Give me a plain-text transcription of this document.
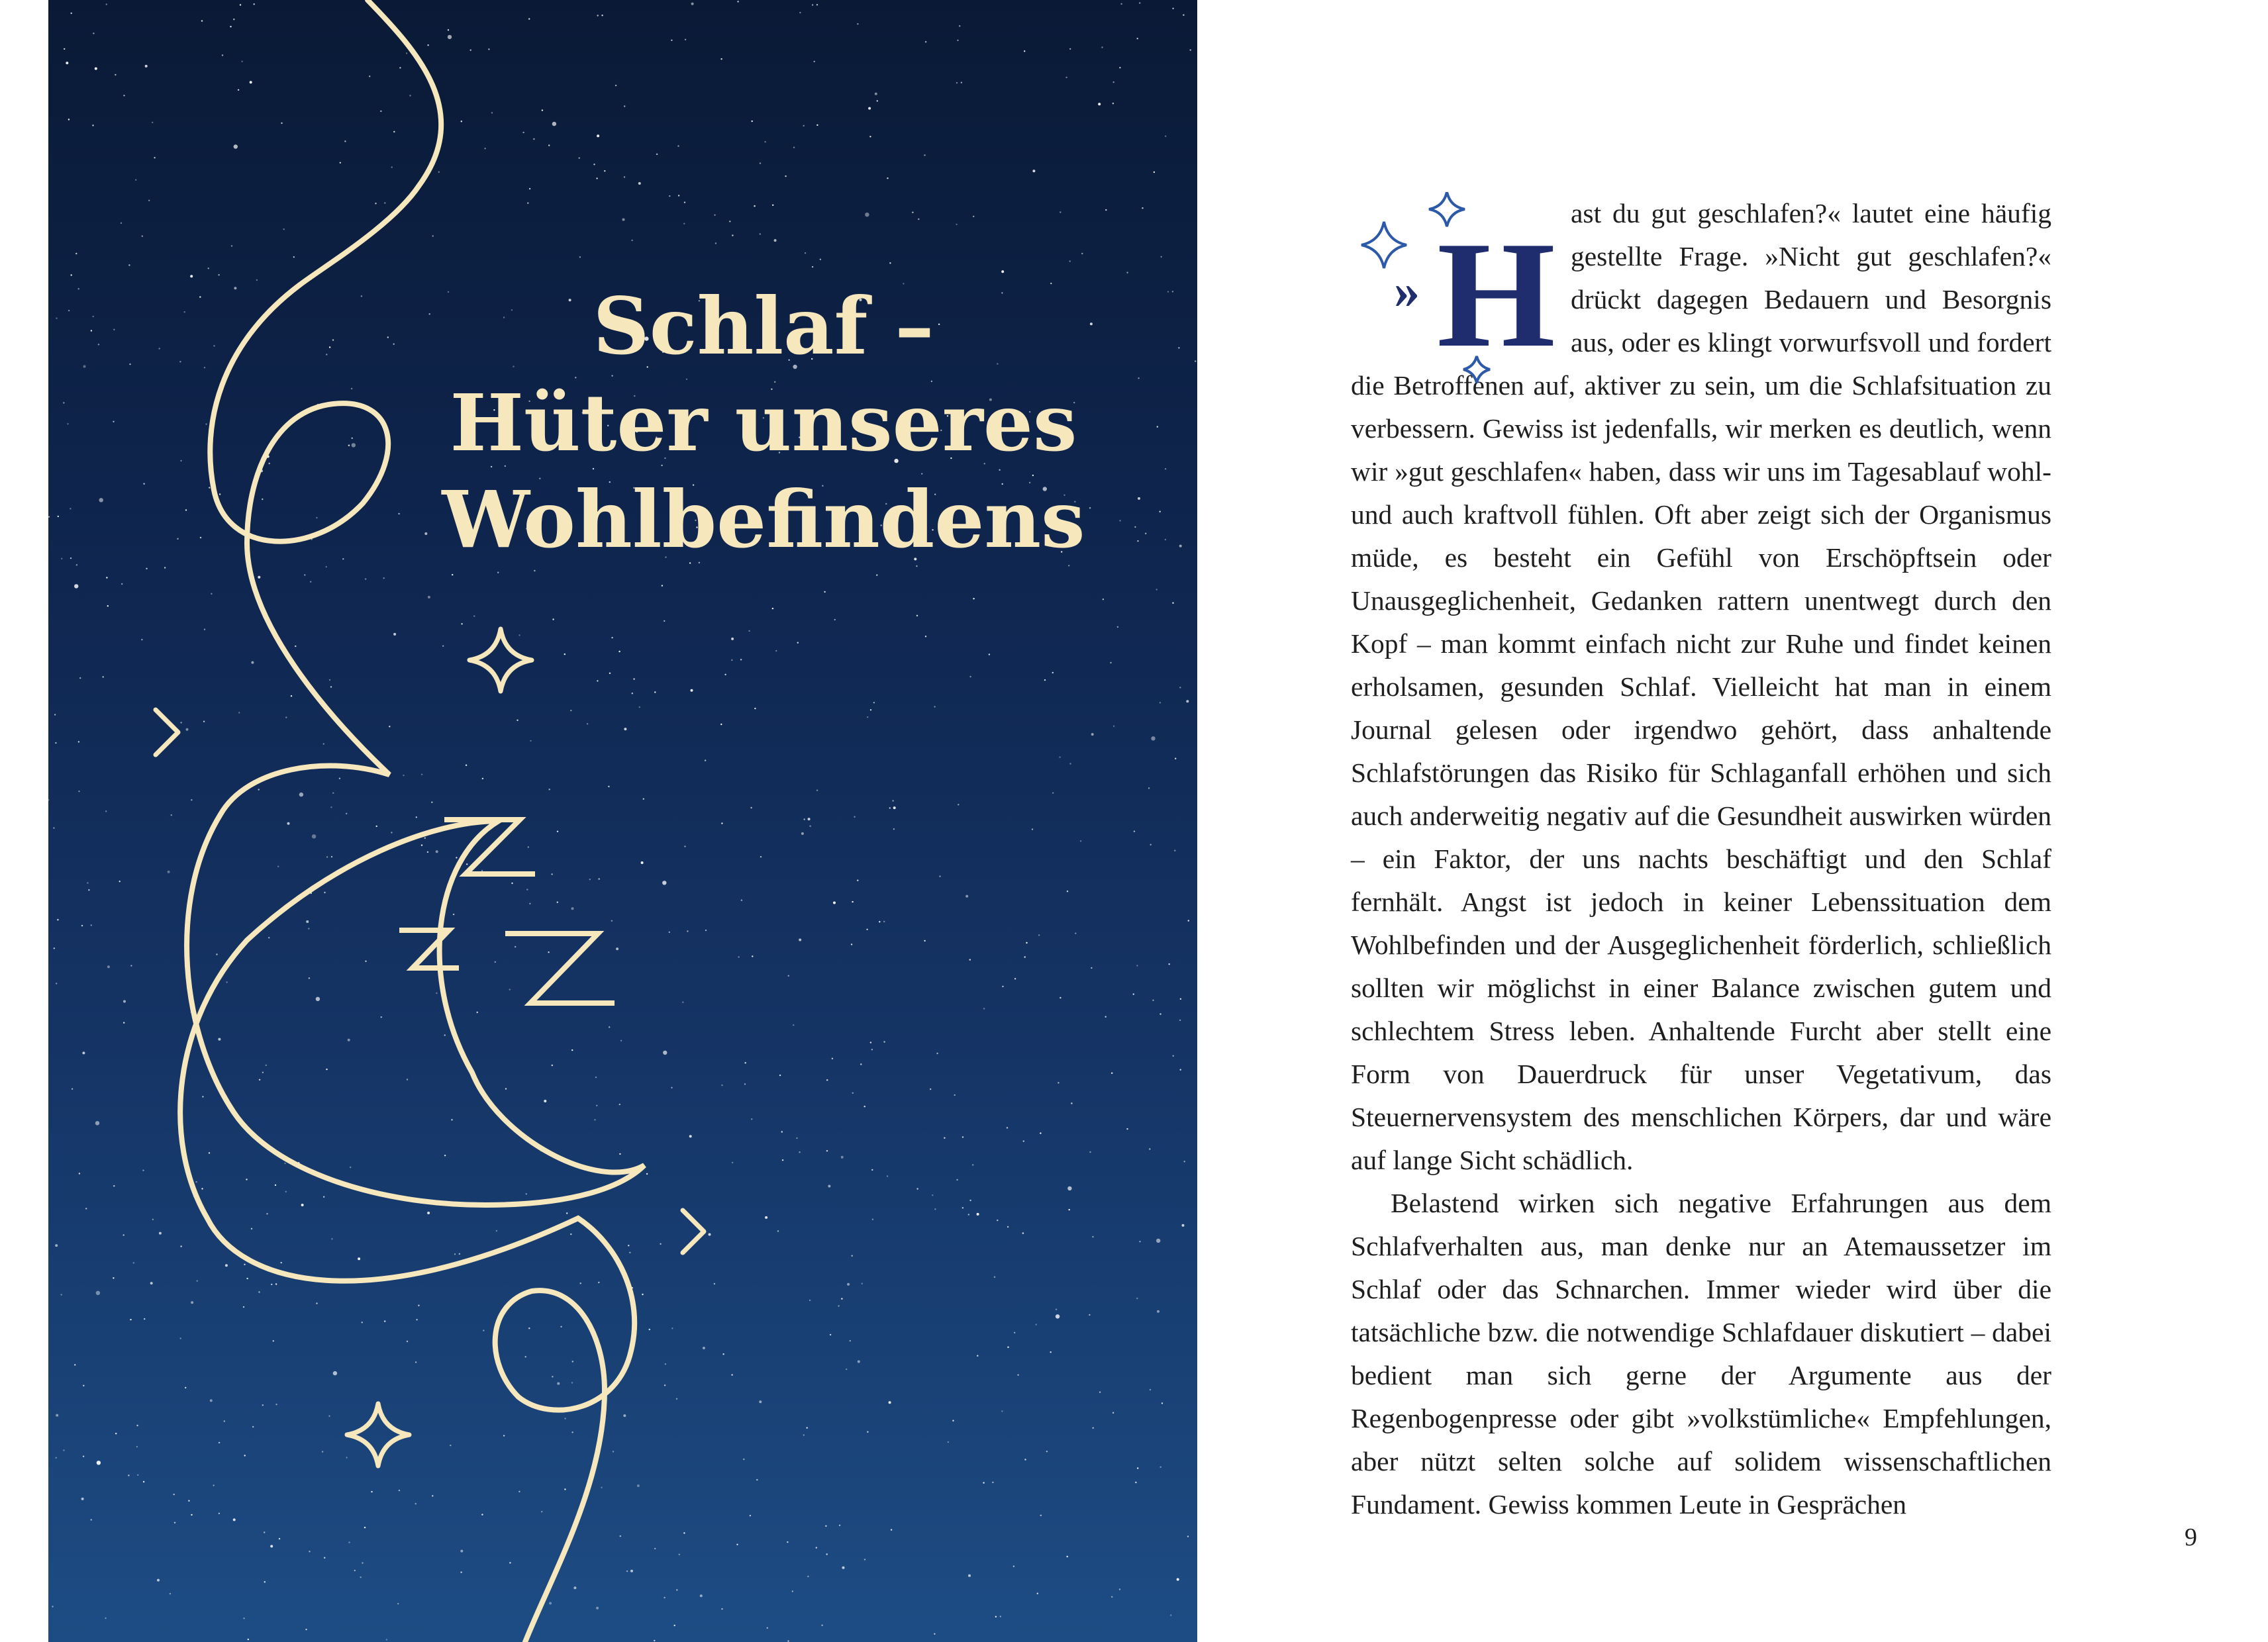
Schlaf –
Hüter unseres
Wohlbefindens

» H ast du gut geschlafen?« lautet eine häufig gestellte Frage. »Nicht gut geschlafen?« drückt dagegen Bedauern und Besorgnis aus, oder es klingt vorwurfsvoll und fordert die Betroffenen auf, aktiver zu sein, um die Schlafsituation zu verbessern. Gewiss ist jedenfalls, wir merken es deutlich, wenn wir »gut geschlafen« haben, dass wir uns im Tagesablauf wohl- und auch kraftvoll fühlen. Oft aber zeigt sich der Organismus müde, es besteht ein Gefühl von Erschöpftsein oder Unausgeglichenheit, Gedanken rattern unentwegt durch den Kopf – man kommt einfach nicht zur Ruhe und findet keinen erholsamen, gesunden Schlaf. Vielleicht hat man in einem Journal gelesen oder irgendwo gehört, dass anhaltende Schlafstörungen das Risiko für Schlaganfall erhöhen und sich auch anderweitig negativ auf die Gesundheit auswirken würden – ein Faktor, der uns nachts beschäftigt und den Schlaf fernhält. Angst ist jedoch in keiner Lebenssituation dem Wohlbefinden und der Ausgeglichenheit förderlich, schließlich sollten wir möglichst in einer Balance zwischen gutem und schlechtem Stress leben. Anhaltende Furcht aber stellt eine Form von Dauerdruck für unser Vegetativum, das Steuernervensystem des menschlichen Körpers, dar und wäre auf lange Sicht schädlich.

Belastend wirken sich negative Erfahrungen aus dem Schlafverhalten aus, man denke nur an Atemaussetzer im Schlaf oder das Schnarchen. Immer wieder wird über die tatsächliche bzw. die notwendige Schlafdauer diskutiert – dabei bedient man sich gerne der Argumente aus der Regenbogenpresse oder gibt »volkstümliche« Empfehlungen, aber nützt selten solche auf solidem wissenschaftlichen Fundament. Gewiss kommen Leute in Gesprächen

9
